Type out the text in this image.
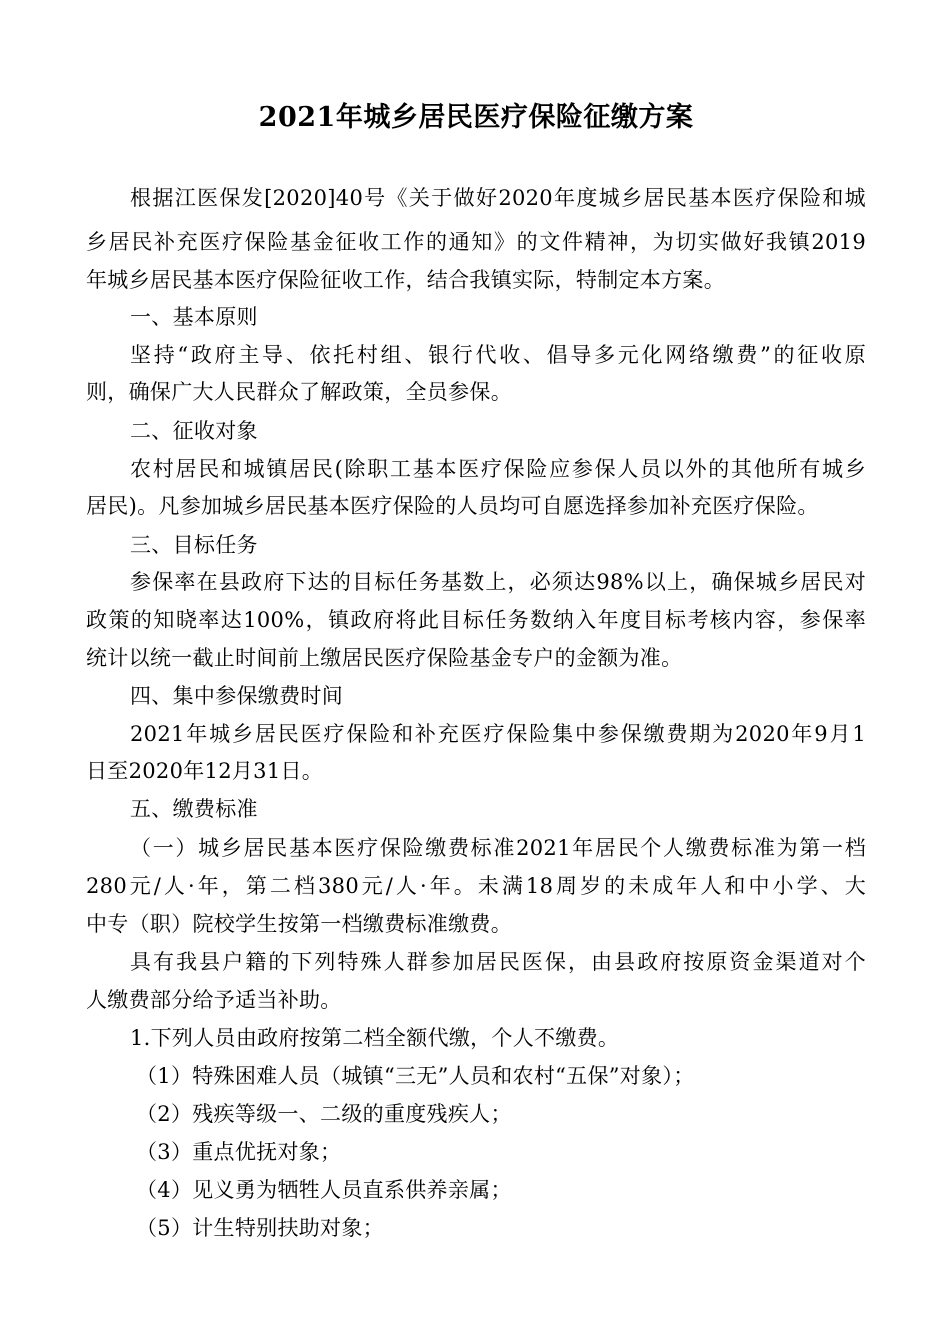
2021年城乡居民医疗保险征缴方案
根据江医保发[2020]40号《关于做好2020年度城乡居民基本医疗保险和城
乡居民补充医疗保险基金征收工作的通知》的文件精神，为切实做好我镇2019
年城乡居民基本医疗保险征收工作，结合我镇实际，特制定本方案。
一、基本原则
坚持“政府主导、依托村组、银行代收、倡导多元化网络缴费”的征收原
则，确保广大人民群众了解政策，全员参保。
二、征收对象
农村居民和城镇居民(除职工基本医疗保险应参保人员以外的其他所有城乡
居民)。凡参加城乡居民基本医疗保险的人员均可自愿选择参加补充医疗保险。
三、目标任务
参保率在县政府下达的目标任务基数上，必须达98%以上，确保城乡居民对
政策的知晓率达100%，镇政府将此目标任务数纳入年度目标考核内容，参保率
统计以统一截止时间前上缴居民医疗保险基金专户的金额为准。
四、集中参保缴费时间
2021年城乡居民医疗保险和补充医疗保险集中参保缴费期为2020年9月1
日至2020年12月31日。
五、缴费标准
（一）城乡居民基本医疗保险缴费标准2021年居民个人缴费标准为第一档
280元/人·年，第二档380元/人·年。未满18周岁的未成年人和中小学、大
中专（职）院校学生按第一档缴费标准缴费。
具有我县户籍的下列特殊人群参加居民医保，由县政府按原资金渠道对个
人缴费部分给予适当补助。
1.下列人员由政府按第二档全额代缴，个人不缴费。
（1）特殊困难人员（城镇“三无”人员和农村“五保”对象）；
（2）残疾等级一、二级的重度残疾人；
（3）重点优抚对象；
（4）见义勇为牺牲人员直系供养亲属；
（5）计生特别扶助对象；
